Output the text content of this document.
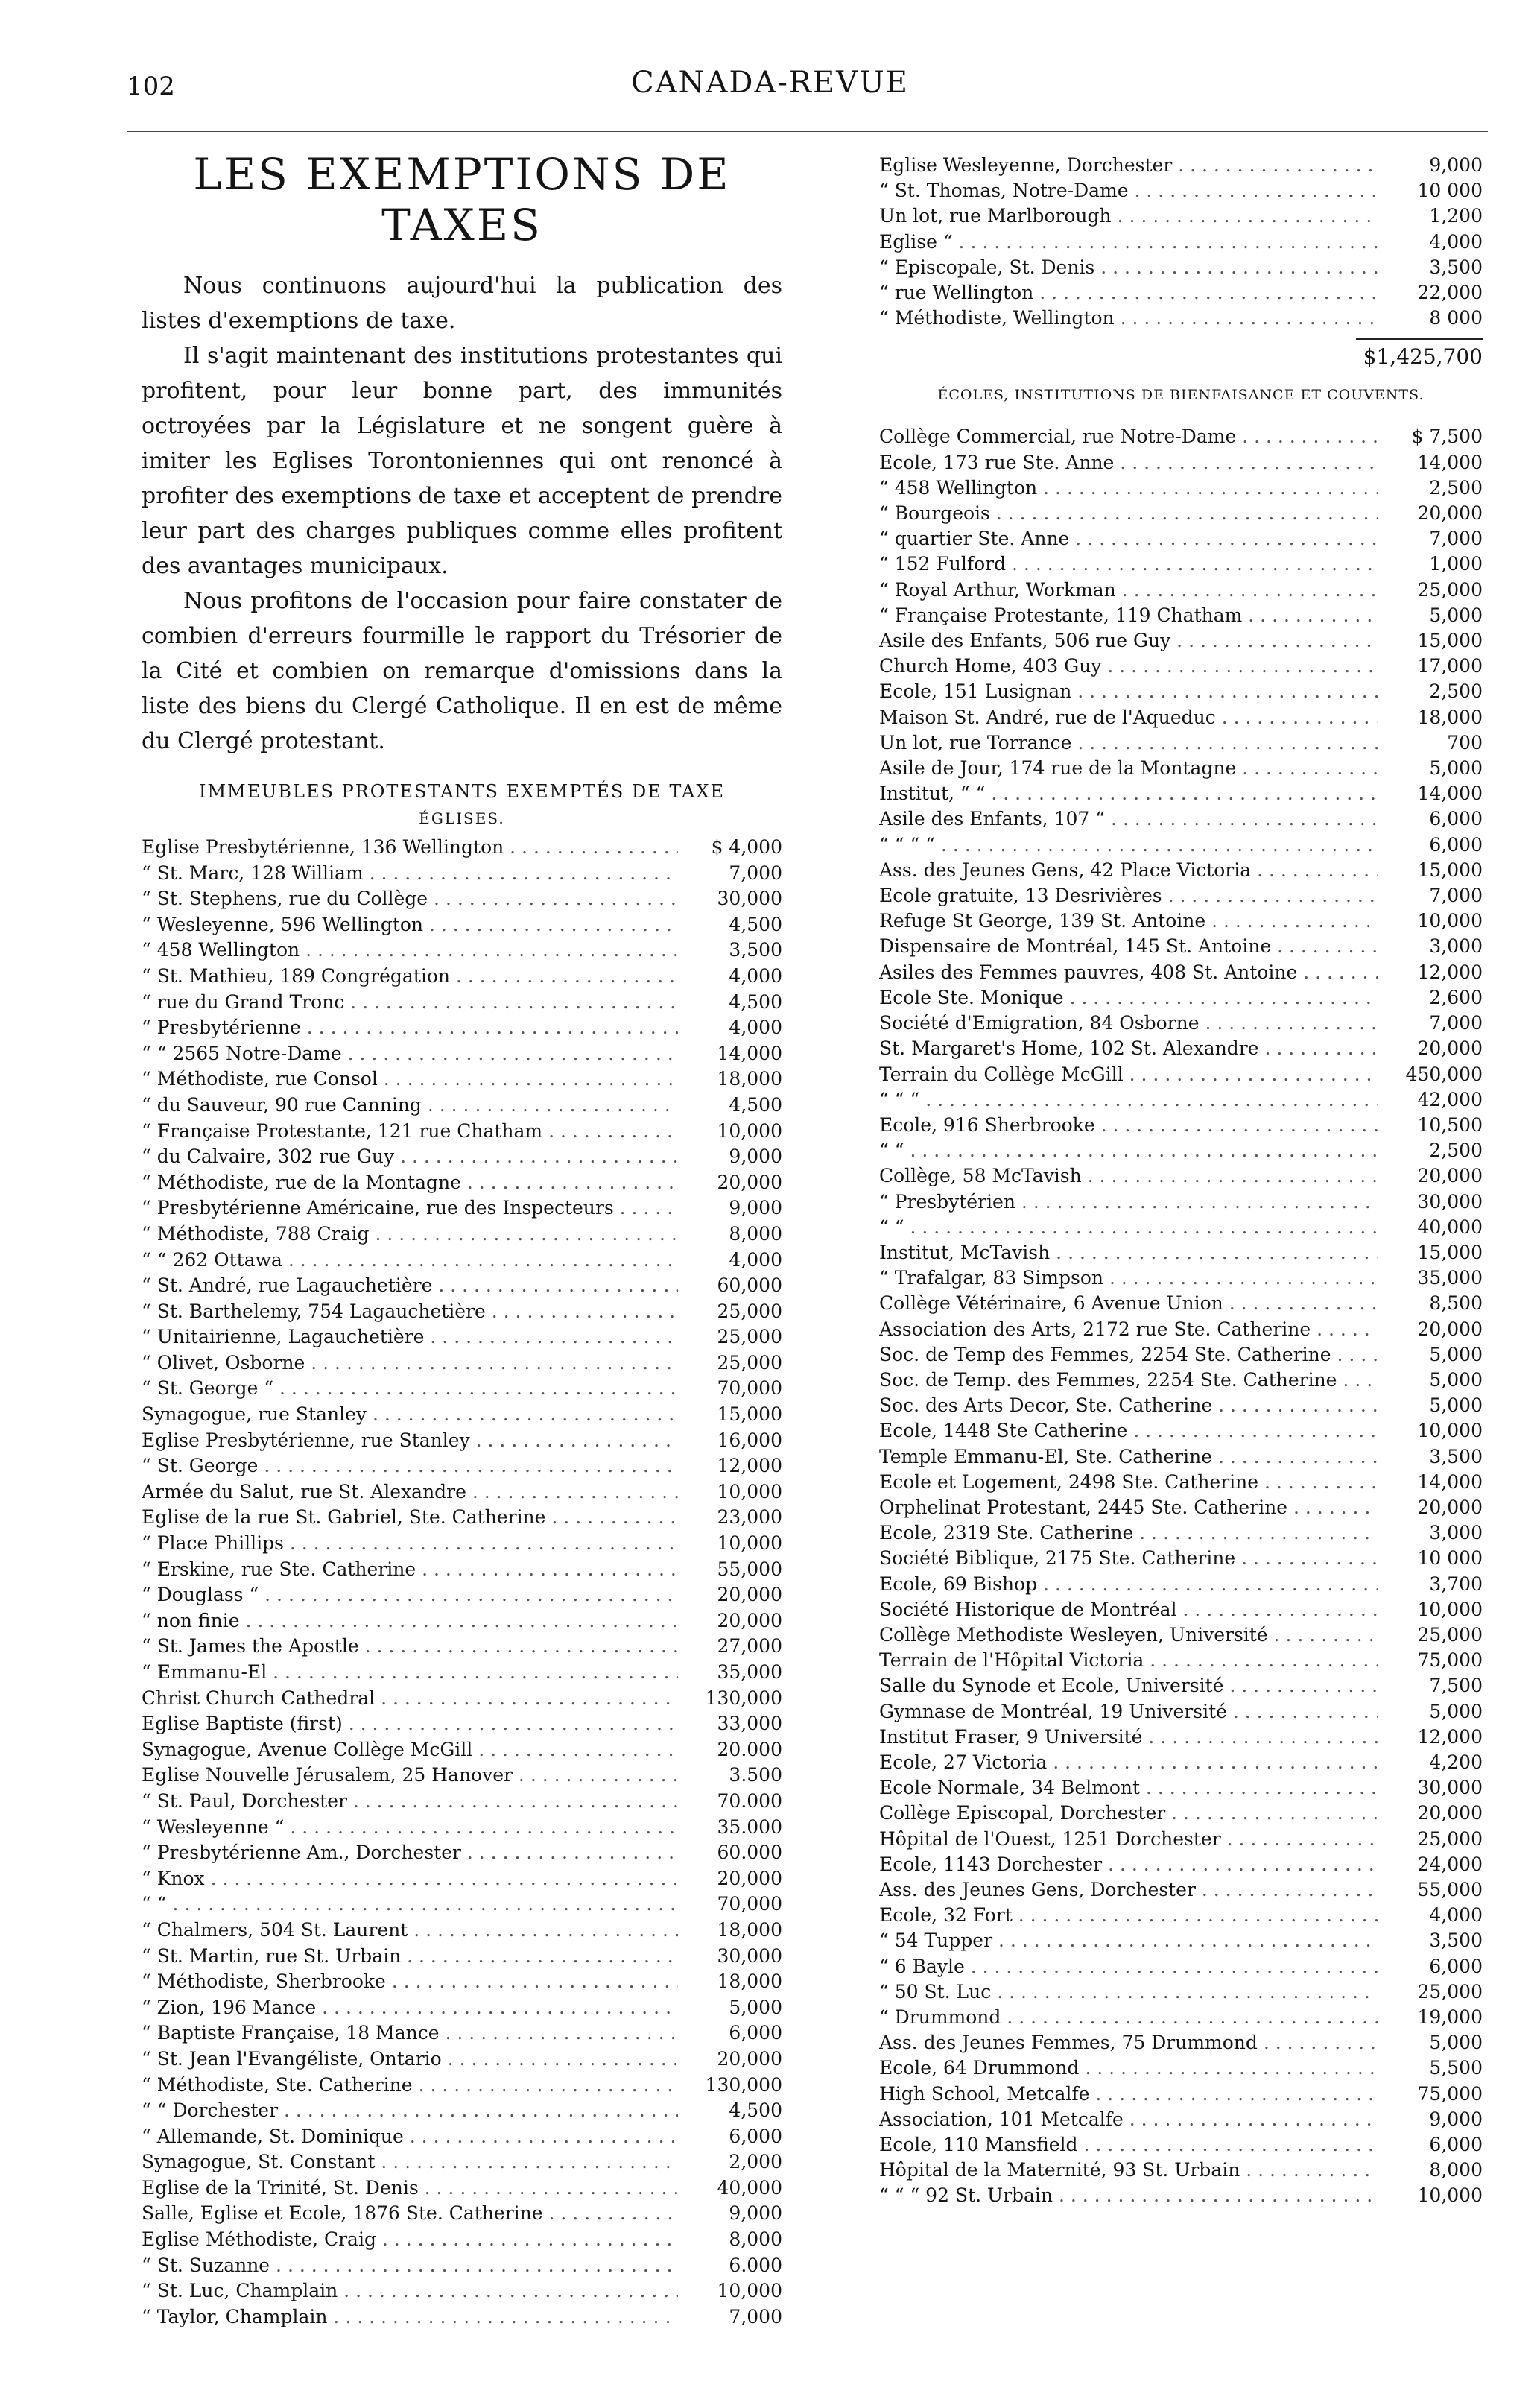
102	CANADA-REVUE
LES EXEMPTIONS DE TAXES

Nous continuons aujourd'hui la publication des listes d'exemptions de taxe.

Il s'agit maintenant des institutions protestantes qui profitent, pour leur bonne part, des immunités octroyées par la Législature et ne songent guère à imiter les Eglises Torontoniennes qui ont renoncé à profiter des exemptions de taxe et acceptent de prendre leur part des charges publiques comme elles profitent des avantages municipaux.

Nous profitons de l'occasion pour faire constater de combien d'erreurs fourmille le rapport du Trésorier de la Cité et combien on remarque d'omissions dans la liste des biens du Clergé Catholique. Il en est de même du Clergé protestant.

IMMEUBLES PROTESTANTS EXEMPTÉS DE TAXE
ÉGLISES.
Eglise Presbytérienne, 136 Wellington . . .	$ 4,000
“ St. Marc, 128 William . . .	7,000
“ St. Stephens, rue du Collège . . .	30,000
“ Wesleyenne, 596 Wellington . . .	4,500
“ 458 Wellington . . .	3,500
“ St. Mathieu, 189 Congrégation . . .	4,000
“ rue du Grand Tronc . . .	4,500
“ Presbytérienne . . .	4,000
“ “ 2565 Notre-Dame . . .	14,000
“ Méthodiste, rue Consol . . .	18,000
“ du Sauveur, 90 rue Canning . . .	4,500
“ Française Protestante, 121 rue Chatham . . .	10,000
“ du Calvaire, 302 rue Guy . . .	9,000
“ Méthodiste, rue de la Montagne . . .	20,000
“ Presbytérienne Américaine, rue des Inspecteurs . . .	9,000
“ Méthodiste, 788 Craig . . .	8,000
“ “ 262 Ottawa . . .	4,000
“ St. André, rue Lagauchetière . . .	60,000
“ St. Barthelemy, 754 Lagauchetière . . .	25,000
“ Unitairienne, Lagauchetière . . .	25,000
“ Olivet, Osborne . . .	25,000
“ St. George “ . . .	70,000
Synagogue, rue Stanley . . .	15,000
Eglise Presbytérienne, rue Stanley . . .	16,000
“ St. George . . .	12,000
Armée du Salut, rue St. Alexandre . . .	10,000
Eglise de la rue St. Gabriel, Ste. Catherine . . .	23,000
“ Place Phillips . . .	10,000
“ Erskine, rue Ste. Catherine . . .	55,000
“ Douglass “ . . .	20,000
“ non finie . . .	20,000
“ St. James the Apostle . . .	27,000
“ Emmanu-El . . .	35,000
Christ Church Cathedral . . .	130,000
Eglise Baptiste (first) . . .	33,000
Synagogue, Avenue Collège McGill . . .	20.000
Eglise Nouvelle Jérusalem, 25 Hanover . . .	3.500
“ St. Paul, Dorchester . . .	70.000
“ Wesleyenne “ . . .	35.000
“ Presbytérienne Am., Dorchester . . .	60.000
“ Knox . . .	20,000
“ “ . . .	70,000
“ Chalmers, 504 St. Laurent . . .	18,000
“ St. Martin, rue St. Urbain . . .	30,000
“ Méthodiste, Sherbrooke . . .	18,000
“ Zion, 196 Mance . . .	5,000
“ Baptiste Française, 18 Mance . . .	6,000
“ St. Jean l'Evangéliste, Ontario . . .	20,000
“ Méthodiste, Ste. Catherine . . .	130,000
“ “ Dorchester . . .	4,500
“ Allemande, St. Dominique . . .	6,000
Synagogue, St. Constant . . .	2,000
Eglise de la Trinité, St. Denis . . .	40,000
Salle, Eglise et Ecole, 1876 Ste. Catherine . . .	9,000
Eglise Méthodiste, Craig . . .	8,000
“ St. Suzanne . . .	6.000
“ St. Luc, Champlain . . .	10,000
“ Taylor, Champlain . . .	7,000
Eglise Wesleyenne, Dorchester . . .	9,000
“ St. Thomas, Notre-Dame . . .	10 000
Un lot, rue Marlborough . . .	1,200
Eglise “ . . .	4,000
“ Episcopale, St. Denis . . .	3,500
“ rue Wellington . . .	22,000
“ Méthodiste, Wellington . . .	8 000
$1,425,700
ÉCOLES, INSTITUTIONS DE BIENFAISANCE ET COUVENTS.
Collège Commercial, rue Notre-Dame . . .	$ 7,500
Ecole, 173 rue Ste. Anne . . .	14,000
“ 458 Wellington . . .	2,500
“ Bourgeois . . .	20,000
“ quartier Ste. Anne . . .	7,000
“ 152 Fulford . . .	1,000
“ Royal Arthur, Workman . . .	25,000
“ Française Protestante, 119 Chatham . . .	5,000
Asile des Enfants, 506 rue Guy . . .	15,000
Church Home, 403 Guy . . .	17,000
Ecole, 151 Lusignan . . .	2,500
Maison St. André, rue de l'Aqueduc . . .	18,000
Un lot, rue Torrance . . .	700
Asile de Jour, 174 rue de la Montagne . . .	5,000
Institut, “ “ . . .	14,000
Asile des Enfants, 107 “ . . .	6,000
“ “ “ “ . . .	6,000
Ass. des Jeunes Gens, 42 Place Victoria . . .	15,000
Ecole gratuite, 13 Desrivières . . .	7,000
Refuge St George, 139 St. Antoine . . .	10,000
Dispensaire de Montréal, 145 St. Antoine . . .	3,000
Asiles des Femmes pauvres, 408 St. Antoine . . .	12,000
Ecole Ste. Monique . . .	2,600
Société d'Emigration, 84 Osborne . . .	7,000
St. Margaret's Home, 102 St. Alexandre . . .	20,000
Terrain du Collège McGill . . .	450,000
“ “ “ . . .	42,000
Ecole, 916 Sherbrooke . . .	10,500
“ “ . . .	2,500
Collège, 58 McTavish . . .	20,000
“ Presbytérien . . .	30,000
“ “ . . .	40,000
Institut, McTavish . . .	15,000
“ Trafalgar, 83 Simpson . . .	35,000
Collège Vétérinaire, 6 Avenue Union . . .	8,500
Association des Arts, 2172 rue Ste. Catherine . . .	20,000
Soc. de Temp des Femmes, 2254 Ste. Catherine . . .	5,000
Soc. de Temp. des Femmes, 2254 Ste. Catherine . . .	5,000
Soc. des Arts Decor, Ste. Catherine . . .	5,000
Ecole, 1448 Ste Catherine . . .	10,000
Temple Emmanu-El, Ste. Catherine . . .	3,500
Ecole et Logement, 2498 Ste. Catherine . . .	14,000
Orphelinat Protestant, 2445 Ste. Catherine . . .	20,000
Ecole, 2319 Ste. Catherine . . .	3,000
Société Biblique, 2175 Ste. Catherine . . .	10 000
Ecole, 69 Bishop . . .	3,700
Société Historique de Montréal . . .	10,000
Collège Methodiste Wesleyen, Université . . .	25,000
Terrain de l'Hôpital Victoria . . .	75,000
Salle du Synode et Ecole, Université . . .	7,500
Gymnase de Montréal, 19 Université . . .	5,000
Institut Fraser, 9 Université . . .	12,000
Ecole, 27 Victoria . . .	4,200
Ecole Normale, 34 Belmont . . .	30,000
Collège Episcopal, Dorchester . . .	20,000
Hôpital de l'Ouest, 1251 Dorchester . . .	25,000
Ecole, 1143 Dorchester . . .	24,000
Ass. des Jeunes Gens, Dorchester . . .	55,000
Ecole, 32 Fort . . .	4,000
“ 54 Tupper . . .	3,500
“ 6 Bayle . . .	6,000
“ 50 St. Luc . . .	25,000
“ Drummond . . .	19,000
Ass. des Jeunes Femmes, 75 Drummond . . .	5,000
Ecole, 64 Drummond . . .	5,500
High School, Metcalfe . . .	75,000
Association, 101 Metcalfe . . .	9,000
Ecole, 110 Mansfield . . .	6,000
Hôpital de la Maternité, 93 St. Urbain . . .	8,000
“ “ “ 92 St. Urbain . . .	10,000
